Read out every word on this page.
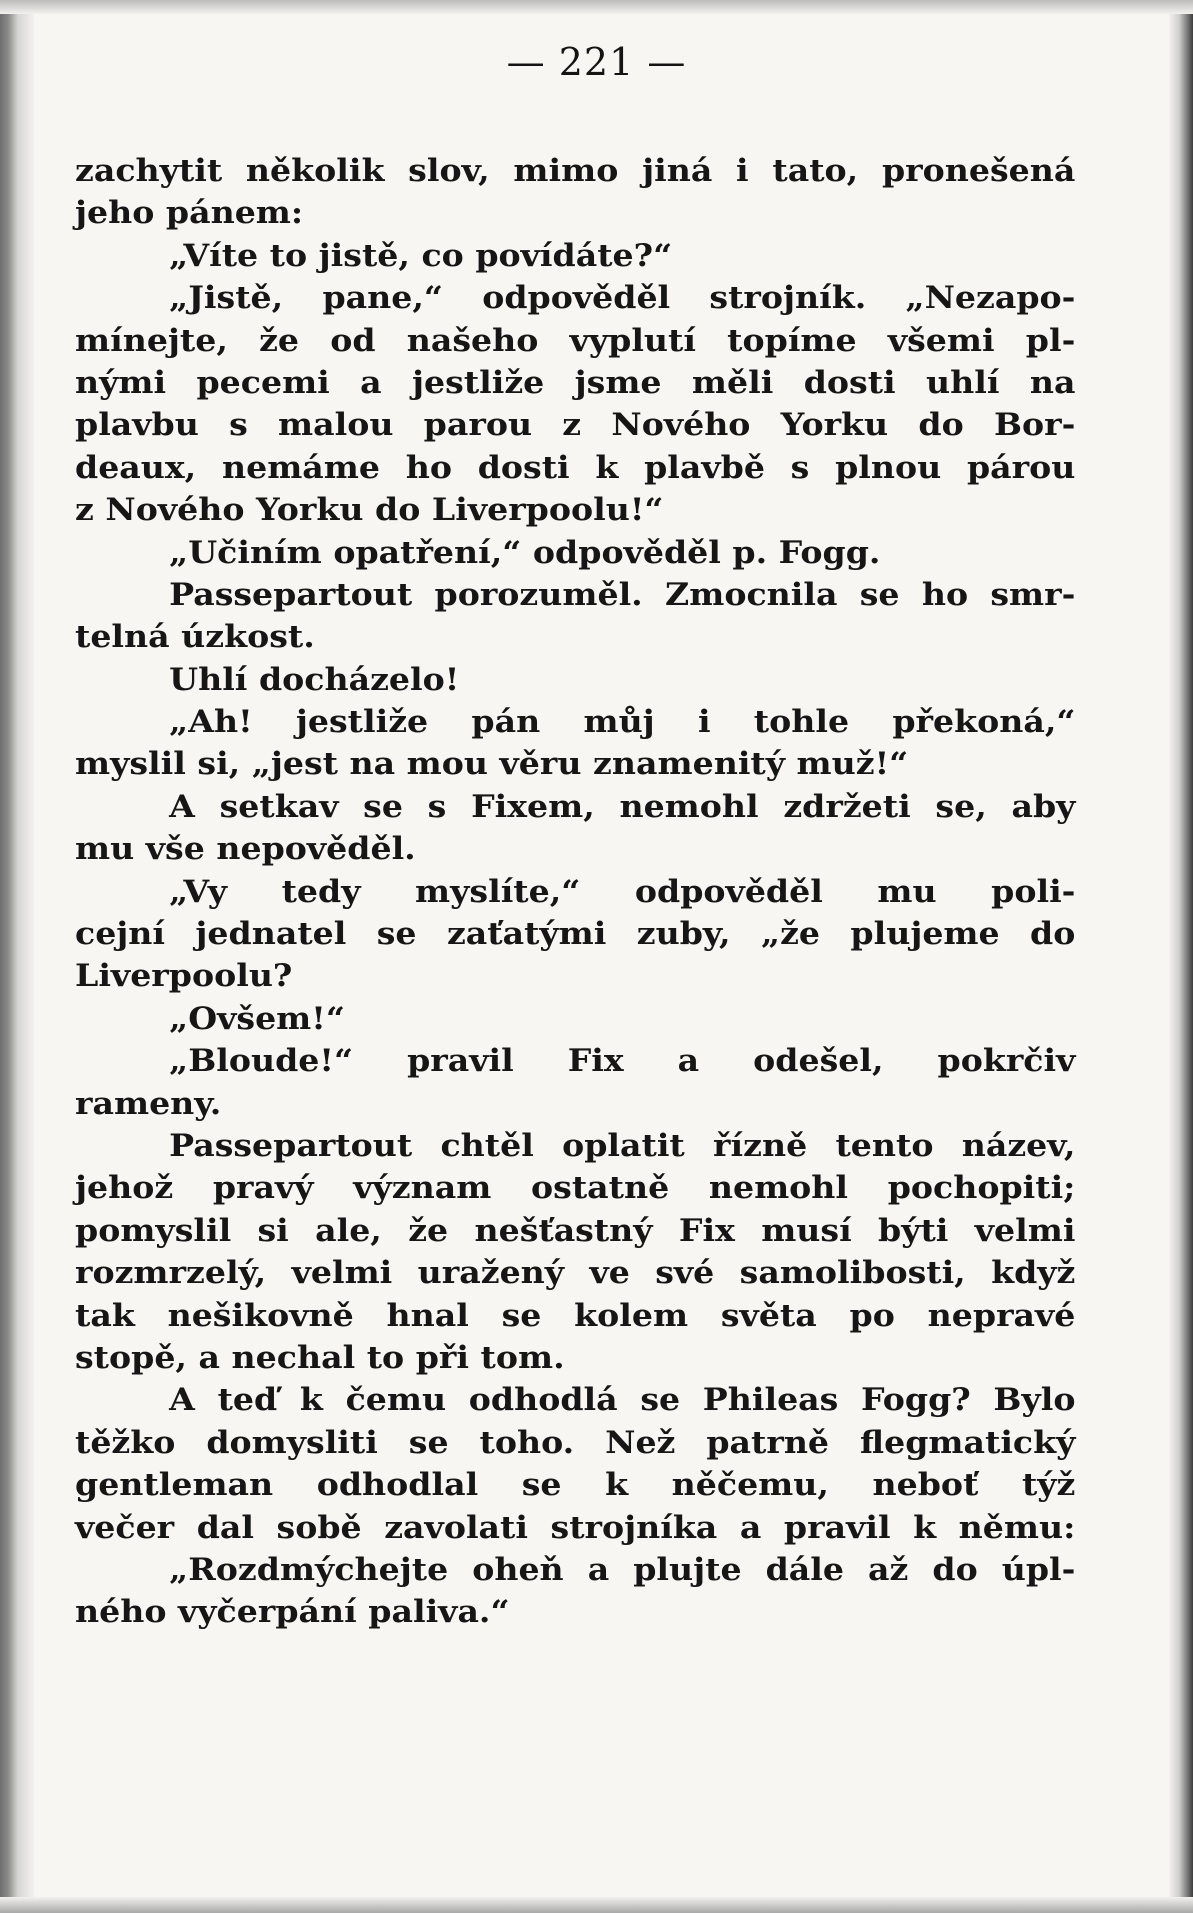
— 221 —
zachytit několik slov, mimo jiná i tato, pronešená
jeho pánem:
„Víte to jistě, co povídáte?“
„Jistě, pane,“ odpověděl strojník. „Nezapo-
mínejte, že od našeho vyplutí topíme všemi pl-
nými pecemi a jestliže jsme měli dosti uhlí na
plavbu s malou parou z Nového Yorku do Bor-
deaux, nemáme ho dosti k plavbě s plnou párou
z Nového Yorku do Liverpoolu!“
„Učiním opatření,“ odpověděl p. Fogg.
Passepartout porozuměl. Zmocnila se ho smr-
telná úzkost.
Uhlí docházelo!
„Ah! jestliže pán můj i tohle překoná,“
myslil si, „jest na mou věru znamenitý muž!“
A setkav se s Fixem, nemohl zdržeti se, aby
mu vše nepověděl.
„Vy tedy myslíte,“ odpověděl mu poli-
cejní jednatel se zaťatými zuby, „že plujeme do
Liverpoolu?
„Ovšem!“
„Bloude!“ pravil Fix a odešel, pokrčiv
rameny.
Passepartout chtěl oplatit řízně tento název,
jehož pravý význam ostatně nemohl pochopiti;
pomyslil si ale, že nešťastný Fix musí býti velmi
rozmrzelý, velmi uražený ve své samolibosti, když
tak nešikovně hnal se kolem světa po nepravé
stopě, a nechal to při tom.
A teď k čemu odhodlá se Phileas Fogg? Bylo
těžko domysliti se toho. Než patrně flegmatický
gentleman odhodlal se k něčemu, neboť týž
večer dal sobě zavolati strojníka a pravil k němu:
„Rozdmýchejte oheň a plujte dále až do úpl-
ného vyčerpání paliva.“
